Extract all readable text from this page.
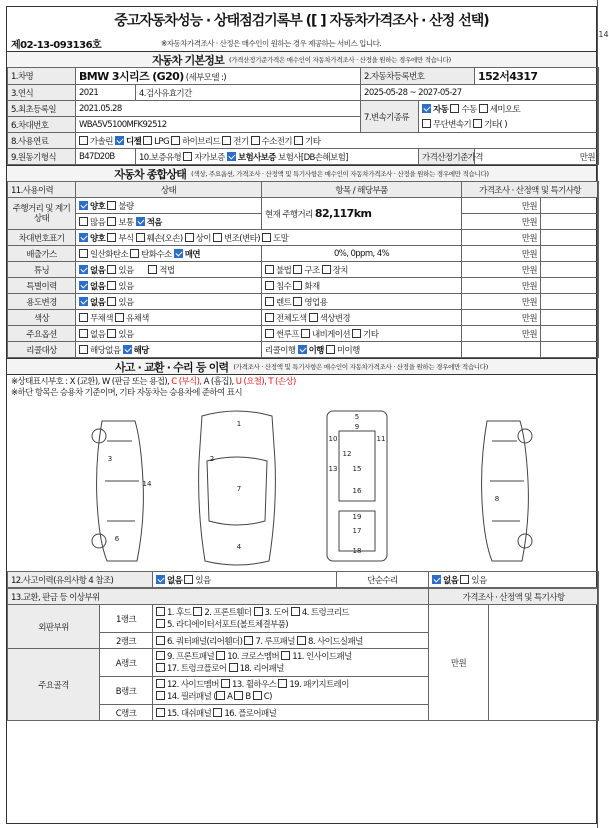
중고자동차성능 · 상태점검기록부 ([ ] 자동차가격조사 · 산정 선택)
제02-13-093136호	※자동차가격조사 · 산정은 매수인이 원하는 경우 제공하는 서비스 입니다.
자동차 기본정보 (가격산정기준가격은 매수인이 자동차가격조사 · 산정을 원하는 경우에만 적습니다)
1.차명	BMW 3시리즈 (G20) (세부모델 :)		2.자동차등록번호		152서4317
3.연식	2021	4.검사유효기간	2025-05-28 ~ 2027-05-27		
5.최초등록일	2021.05.28		7.변속기종류	자동 수동 세미오토	
6.차대번호	WBA5V5100MFK92512			무단변속기 기타( )	
8.사용연료	가솔린 디젤 LPG 하이브리드 전기 수소전기 기타				
9.원동기형식	B47D20B	10.보증유형 자가보증 보험사보증 보험사[DB손해보험]		가격산정기준가격	만원
자동차 종합상태 (색상, 주요옵션, 가격조사 · 산정액 및 특기사항은 매수인이 자동차가격조사 · 산정을 원하는 경우에만 적습니다)
11.사용이력	상태	항목 / 해당부품	가격조사 · 산정액 및 특기사항	
주행거리 및 계기상태	양호 불량	현재 주행거리 82,117km	만원	
	많음 보통 적음		만원	
차대번호표기	양호 부식 훼손(오손) 상이 변조(변타) 도말		만원	
배출가스	일산화탄소 탄화수소 매연	0%, 0ppm, 4%	만원	
튜닝	없음 있음 적법	불법 구조 장치	만원	
특별이력	없음 있음	침수 화재	만원	
용도변경	없음 있음	렌트 영업용	만원	
색상	무채색 유채색	전체도색 색상변경	만원	
주요옵션	없음 있음	썬루프 내비게이션 기타	만원	
리콜대상	해당없음 해당	리콜이행 이행 미이행		
사고 · 교환 · 수리 등 이력 (가격조사 · 산정액 및 특기사항은 매수인이 자동차가격조사 · 산정을 원하는 경우에만 적습니다)
※상태표시부호 : X (교환), W (판금 또는 용접), C (부식), A (흠집), U (요철), T (손상)
※하단 항목은 승용차 기준이며, 기타 자동차는 승용차에 준하여 표시
1
2
3
4
5
6
7
8
9
10	11
12
13
14
15
16
17
18
19
12.사고이력(유의사항 4 참조)	없음 있음	단순수리	없음 있음
13.교환, 판금 등 이상부위			가격조사 · 산정액 및 특기사항	
외판부위	1랭크	1. 후드 2. 프론트휀더 3. 도어 4. 트렁크리드
5. 라디에이터서포트(볼트체결부품)	만원	
	2랭크	6. 쿼터패널(리어휀더) 7. 루프패널 8. 사이드실패널		
주요골격	A랭크	9. 프론트패널 10. 크로스멤버 11. 인사이드패널
17. 트렁크플로어 18. 리어패널		
	B랭크	12. 사이드멤버 13. 휠하우스 19. 패키지트레이
14. 필러패널 ( A B C)		
	C랭크	15. 대쉬패널 16. 플로어패널		
14
